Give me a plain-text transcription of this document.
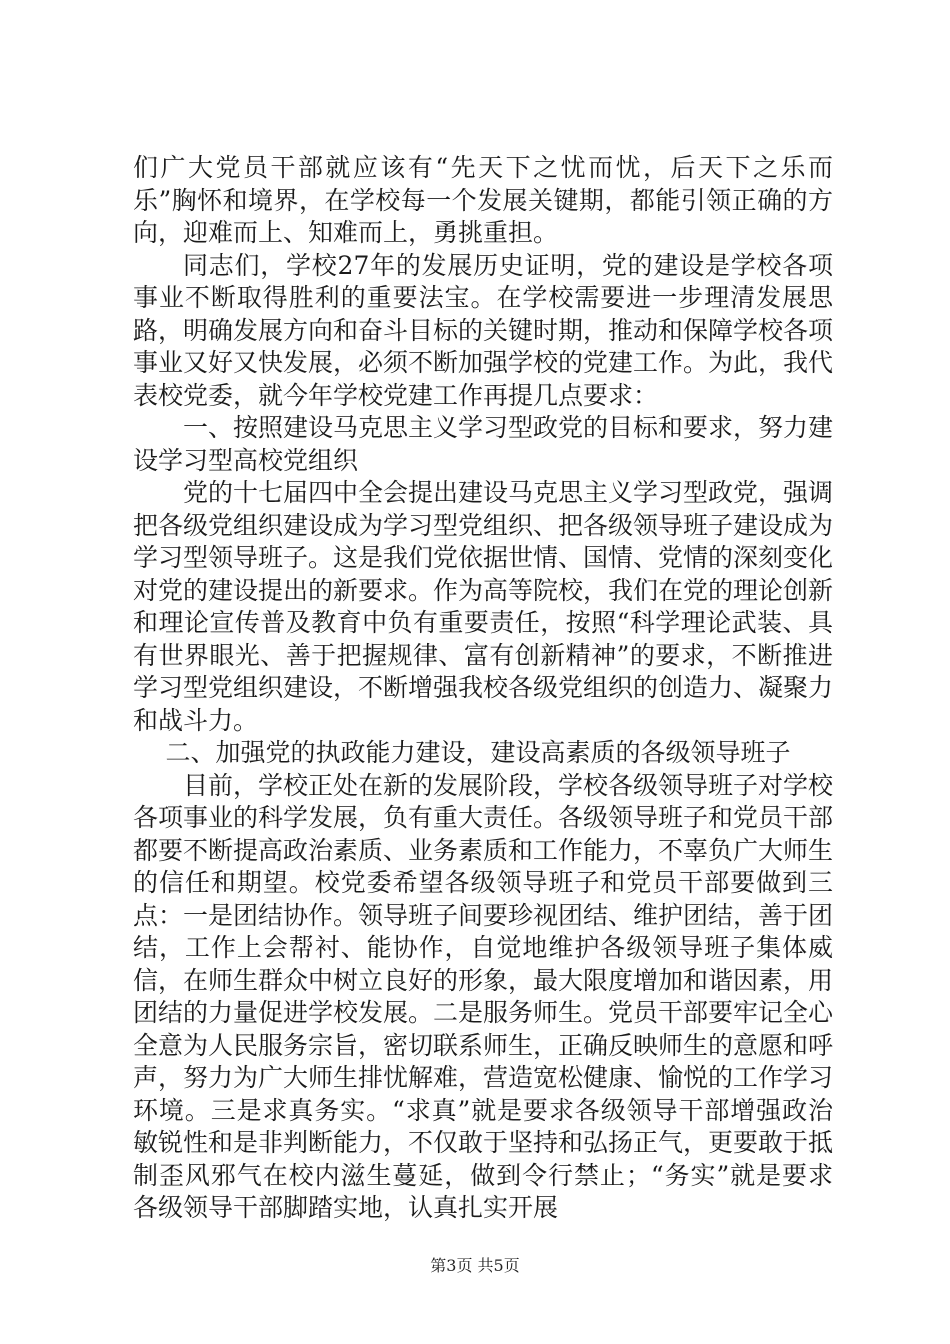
们广大党员干部就应该有“先天下之忧而忧，后天下之乐而乐”胸怀和境界，在学校每一个发展关键期，都能引领正确的方向，迎难而上、知难而上，勇挑重担。

同志们，学校27年的发展历史证明，党的建设是学校各项事业不断取得胜利的重要法宝。在学校需要进一步理清发展思路，明确发展方向和奋斗目标的关键时期，推动和保障学校各项事业又好又快发展，必须不断加强学校的党建工作。为此，我代表校党委，就今年学校党建工作再提几点要求：

一、按照建设马克思主义学习型政党的目标和要求，努力建设学习型高校党组织

党的十七届四中全会提出建设马克思主义学习型政党，强调把各级党组织建设成为学习型党组织、把各级领导班子建设成为学习型领导班子。这是我们党依据世情、国情、党情的深刻变化对党的建设提出的新要求。作为高等院校，我们在党的理论创新和理论宣传普及教育中负有重要责任，按照“科学理论武装、具有世界眼光、善于把握规律、富有创新精神”的要求，不断推进学习型党组织建设，不断增强我校各级党组织的创造力、凝聚力和战斗力。

二、加强党的执政能力建设，建设高素质的各级领导班子

目前，学校正处在新的发展阶段，学校各级领导班子对学校各项事业的科学发展，负有重大责任。各级领导班子和党员干部都要不断提高政治素质、业务素质和工作能力，不辜负广大师生的信任和期望。校党委希望各级领导班子和党员干部要做到三点：一是团结协作。领导班子间要珍视团结、维护团结，善于团结，工作上会帮衬、能协作，自觉地维护各级领导班子集体威信，在师生群众中树立良好的形象，最大限度增加和谐因素，用团结的力量促进学校发展。二是服务师生。党员干部要牢记全心全意为人民服务宗旨，密切联系师生，正确反映师生的意愿和呼声，努力为广大师生排忧解难，营造宽松健康、愉悦的工作学习环境。三是求真务实。“求真”就是要求各级领导干部增强政治敏锐性和是非判断能力，不仅敢于坚持和弘扬正气，更要敢于抵制歪风邪气在校内滋生蔓延，做到令行禁止；“务实”就是要求各级领导干部脚踏实地，认真扎实开展

第3页 共5页
